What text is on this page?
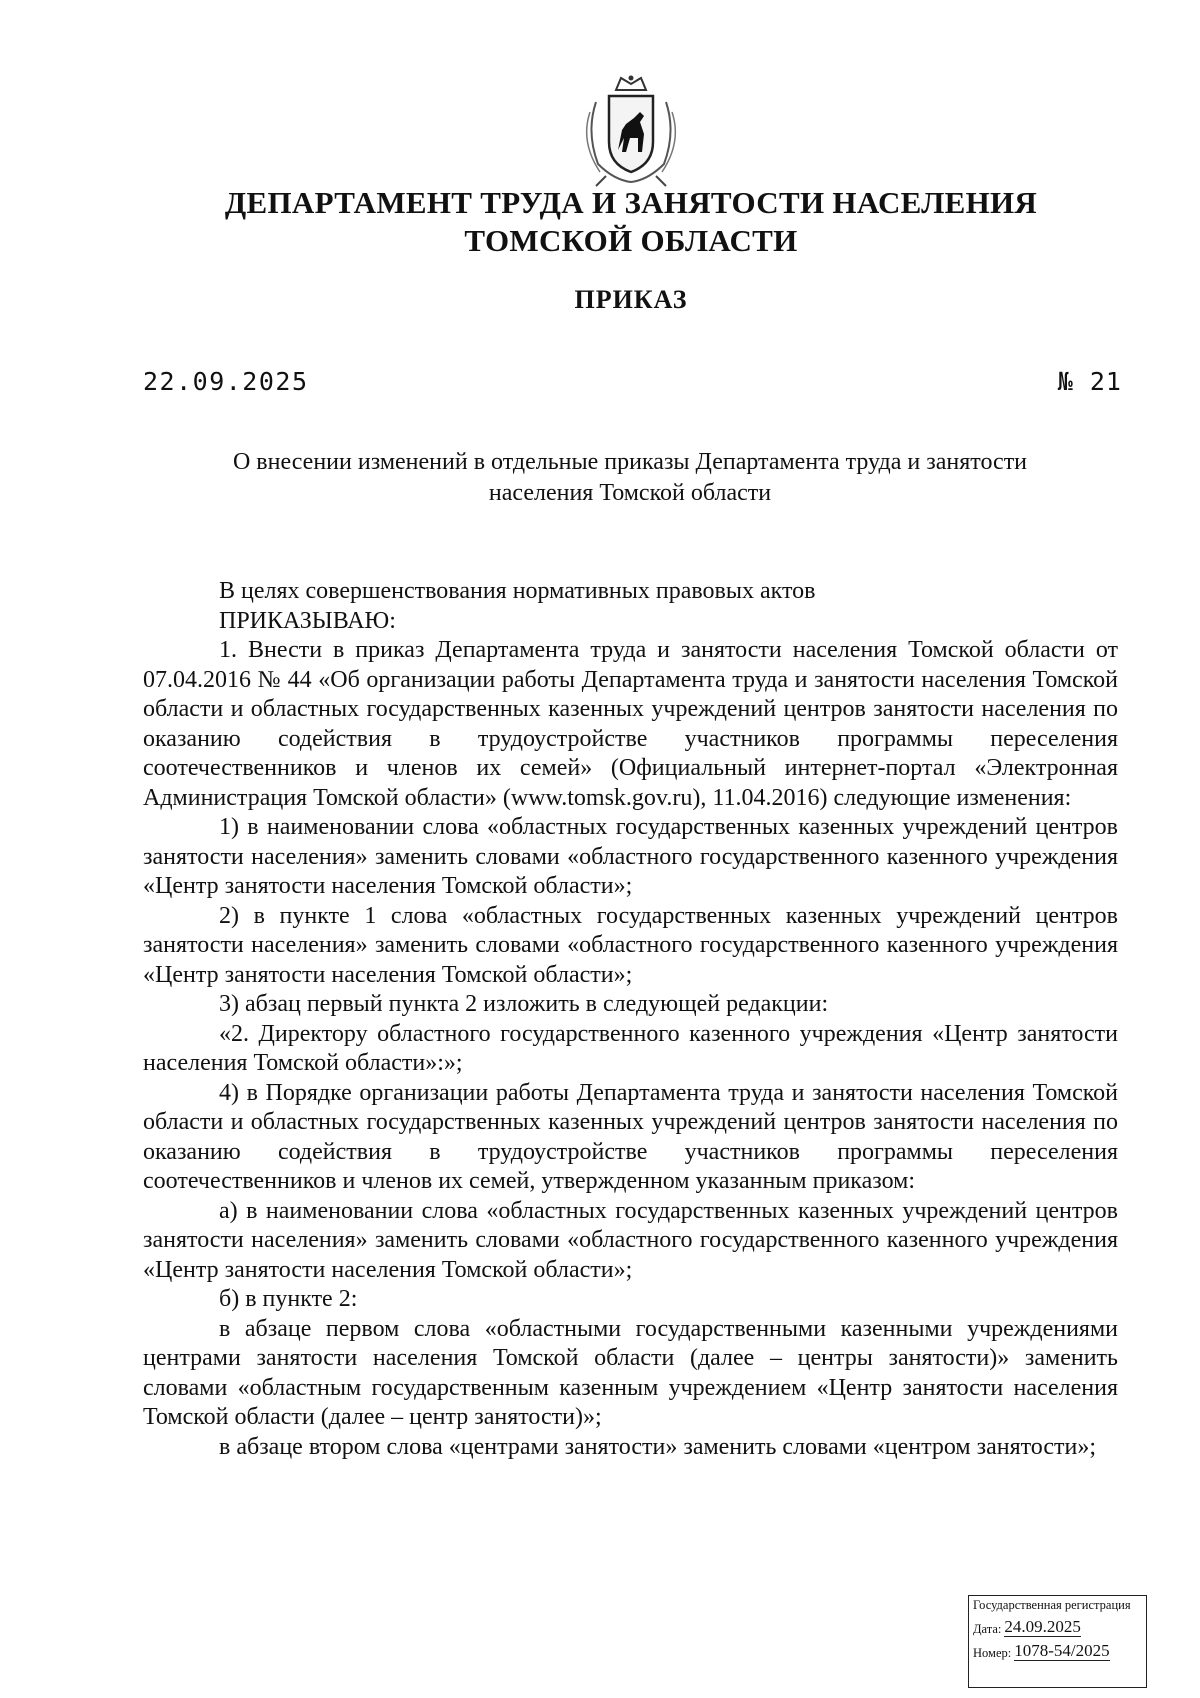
ДЕПАРТАМЕНТ ТРУДА И ЗАНЯТОСТИ НАСЕЛЕНИЯ
ТОМСКОЙ ОБЛАСТИ
ПРИКАЗ
22.09.2025	№ 21
О внесении изменений в отдельные приказы Департамента труда и занятости
населения Томской области

В целях совершенствования нормативных правовых актов

ПРИКАЗЫВАЮ:

1. Внести в приказ Департамента труда и занятости населения Томской области от 07.04.2016 № 44 «Об организации работы Департамента труда и занятости населения Томской области и областных государственных казенных учреждений центров занятости населения по оказанию содействия в трудоустройстве участников программы переселения соотечественников и членов их семей» (Официальный интернет-портал «Электронная Администрация Томской области» (www.tomsk.gov.ru), 11.04.2016) следующие изменения:

1) в наименовании слова «областных государственных казенных учреждений центров занятости населения» заменить словами «областного государственного казенного учреждения «Центр занятости населения Томской области»;

2) в пункте 1 слова «областных государственных казенных учреждений центров занятости населения» заменить словами «областного государственного казенного учреждения «Центр занятости населения Томской области»;

3) абзац первый пункта 2 изложить в следующей редакции:

«2. Директору областного государственного казенного учреждения «Центр занятости населения Томской области»:»;

4) в Порядке организации работы Департамента труда и занятости населения Томской области и областных государственных казенных учреждений центров занятости населения по оказанию содействия в трудоустройстве участников программы переселения соотечественников и членов их семей, утвержденном указанным приказом:

а) в наименовании слова «областных государственных казенных учреждений центров занятости населения» заменить словами «областного государственного казенного учреждения «Центр занятости населения Томской области»;

б) в пункте 2:

в абзаце первом слова «областными государственными казенными учреждениями центрами занятости населения Томской области (далее – центры занятости)» заменить словами «областным государственным казенным учреждением «Центр занятости населения Томской области (далее – центр занятости)»;

в абзаце втором слова «центрами занятости» заменить словами «центром занятости»;

Государственная регистрация
Дата: 24.09.2025
Номер: 1078-54/2025
